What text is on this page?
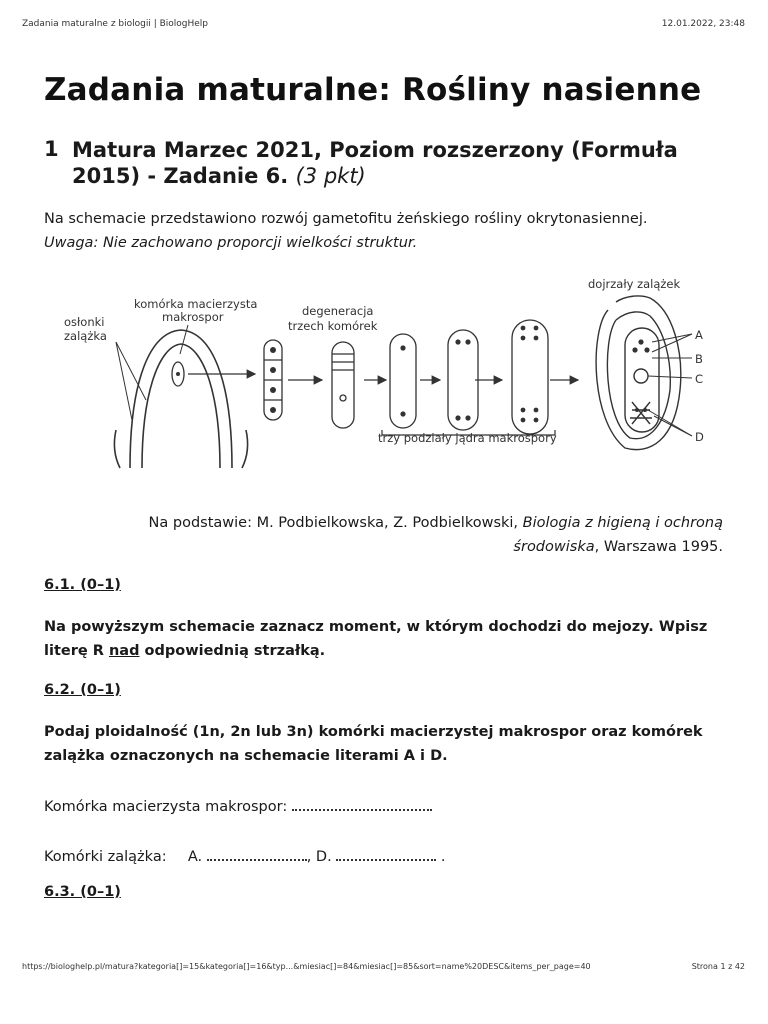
Zadania maturalne z biologii | BiologHelp	12.01.2022, 23:48
Zadania maturalne: Rośliny nasienne
1 Matura Marzec 2021, Poziom rozszerzony (Formuła 2015) - Zadanie 6. (3 pkt)
Na schemacie przedstawiono rozwój gametofitu żeńskiego rośliny okrytonasiennej.
Uwaga: Nie zachowano proporcji wielkości struktur.
osłonki
zalążka
komórka macierzysta
makrospor	degeneracja
trzech komórek
dojrzały zalążek
trzy podziały jądra makrospory
A
B
C
D
Na podstawie: M. Podbielkowska, Z. Podbielkowski, Biologia z higieną i ochroną środowiska, Warszawa 1995.
6.1. (0–1)
Na powyższym schemacie zaznacz moment, w którym dochodzi do mejozy. Wpisz literę R nad odpowiednią strzałką.
6.2. (0–1)
Podaj ploidalność (1n, 2n lub 3n) komórki macierzystej makrospor oraz komórek zalążka oznaczonych na schemacie literami A i D.
Komórka macierzysta makrospor:
Komórki zalążka: A.	, D.	.
6.3. (0–1)
https://biologhelp.pl/matura?kategoria[]=15&kategoria[]=16&typ...&miesiac[]=84&miesiac[]=85&sort=name%20DESC&items_per_page=40	Strona 1 z 42
